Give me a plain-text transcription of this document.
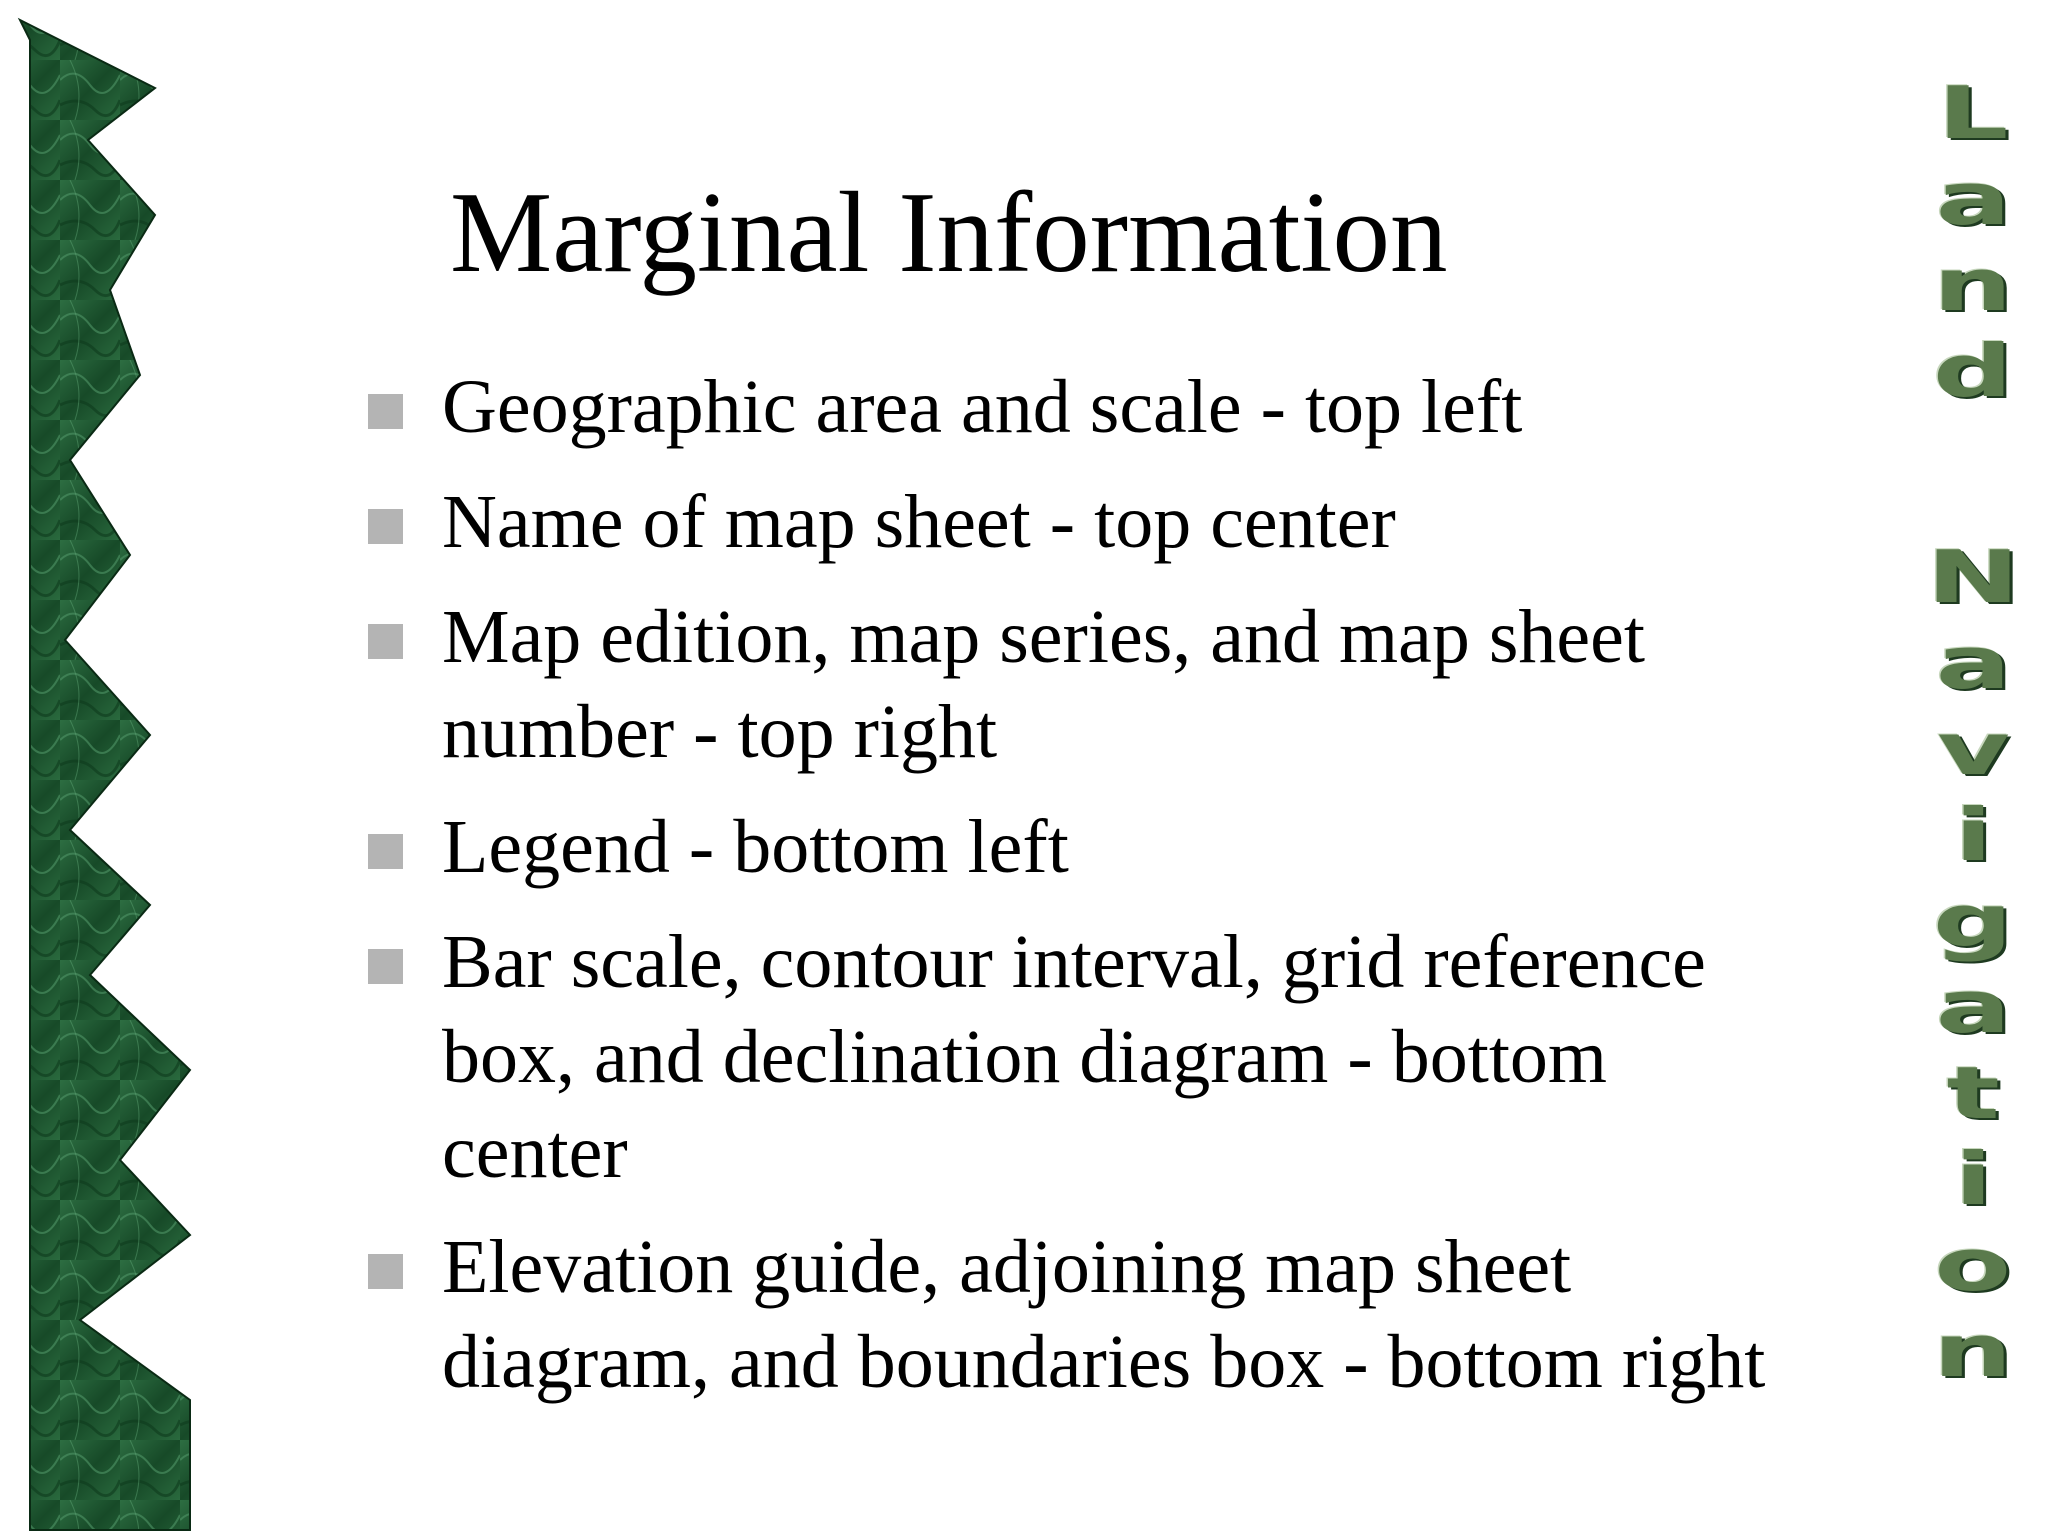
Marginal Information
Geographic area and scale - top left
Name of map sheet - top center
Map edition, map series, and map sheet number - top right
Legend - bottom left
Bar scale, contour interval, grid reference box, and declination diagram - bottom center
Elevation guide, adjoining map sheet diagram, and boundaries box - bottom right
L
a
n
d
N
a
v
i
g
a
t
i
o
n
